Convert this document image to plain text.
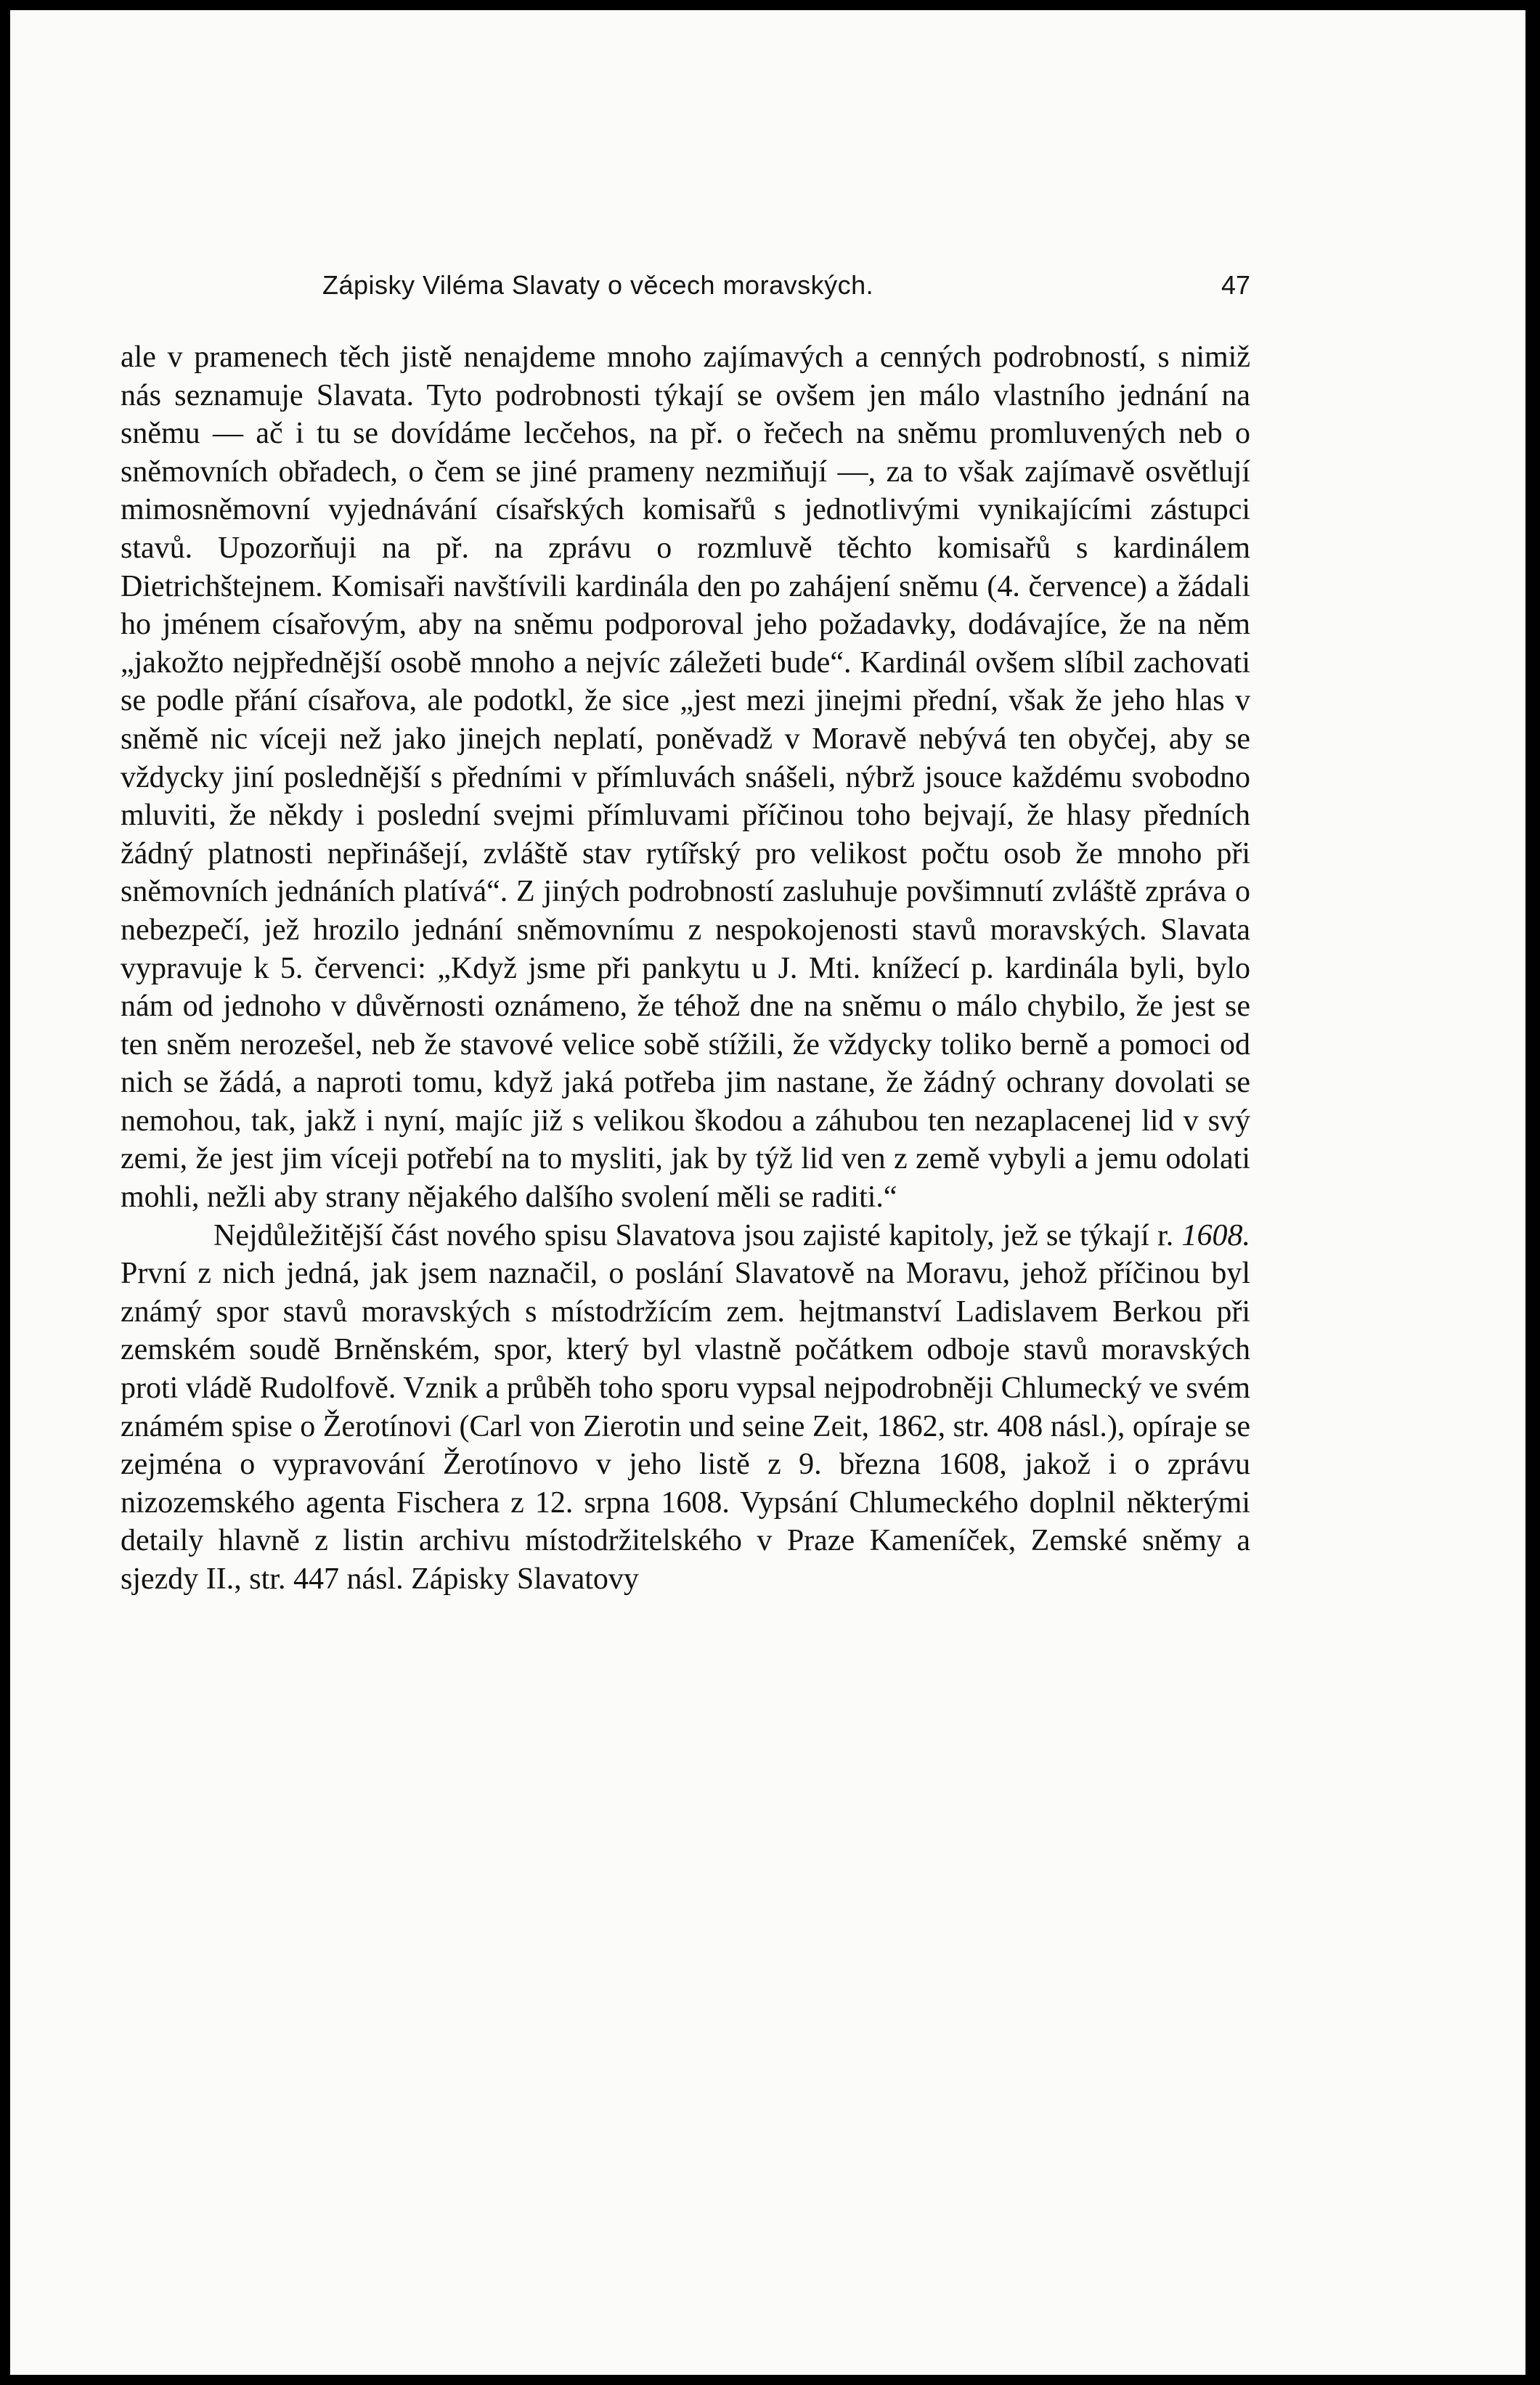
Zápisky Viléma Slavaty o věcech moravských.	47

ale v pramenech těch jistě nenajdeme mnoho zajímavých a cenných podrobností, s nimiž nás seznamuje Slavata. Tyto podrobnosti týkají se ovšem jen málo vlastního jednání na sněmu — ač i tu se dovídáme lecčehos, na př. o řečech na sněmu promluvených neb o sněmovních obřadech, o čem se jiné prameny nezmiňují —, za to však zajímavě osvětlují mimosněmovní vyjednávání císařských komisařů s jednotlivými vynikajícími zástupci stavů. Upozorňuji na př. na zprávu o rozmluvě těchto komisařů s kardinálem Dietrichštejnem. Komisaři navštívili kardinála den po zahájení sněmu (4. července) a žádali ho jménem císařovým, aby na sněmu podporoval jeho požadavky, dodávajíce, že na něm „jakožto nejpřednější osobě mnoho a nejvíc záležeti bude“. Kardinál ovšem slíbil zachovati se podle přání císařova, ale podotkl, že sice „jest mezi jinejmi přední, však že jeho hlas v sněmě nic víceji než jako jinejch neplatí, poněvadž v Moravě nebývá ten obyčej, aby se vždycky jiní poslednější s předními v přímluvách snášeli, nýbrž jsouce každému svobodno mluviti, že někdy i poslední svejmi přímluvami příčinou toho bejvají, že hlasy předních žádný platnosti nepřinášejí, zvláště stav rytířský pro velikost počtu osob že mnoho při sněmovních jednáních platívá“. Z jiných podrobností zasluhuje povšimnutí zvláště zpráva o nebezpečí, jež hrozilo jednání sněmovnímu z nespokojenosti stavů moravských. Slavata vypravuje k 5. červenci: „Když jsme při pankytu u J. Mti. knížecí p. kardinála byli, bylo nám od jednoho v důvěrnosti oznámeno, že téhož dne na sněmu o málo chybilo, že jest se ten sněm nerozešel, neb že stavové velice sobě stížili, že vždycky toliko berně a pomoci od nich se žádá, a naproti tomu, když jaká potřeba jim nastane, že žádný ochrany dovolati se nemohou, tak, jakž i nyní, majíc již s velikou škodou a záhubou ten nezaplacenej lid v svý zemi, že jest jim víceji potřebí na to mysliti, jak by týž lid ven z země vybyli a jemu odolati mohli, nežli aby strany nějakého dalšího svolení měli se raditi.“

Nejdůležitější část nového spisu Slavatova jsou zajisté kapitoly, jež se týkají r. 1608. První z nich jedná, jak jsem naznačil, o poslání Slavatově na Moravu, jehož příčinou byl známý spor stavů moravských s místodržícím zem. hejtmanství Ladislavem Berkou při zemském soudě Brněnském, spor, který byl vlastně počátkem odboje stavů moravských proti vládě Rudolfově. Vznik a průběh toho sporu vypsal nejpodrobněji Chlumecký ve svém známém spise o Žerotínovi (Carl von Zierotin und seine Zeit, 1862, str. 408 násl.), opíraje se zejména o vypravování Žerotínovo v jeho listě z 9. března 1608, jakož i o zprávu nizozemského agenta Fischera z 12. srpna 1608. Vypsání Chlumeckého doplnil některými detaily hlavně z listin archivu místodržitelského v Praze Kameníček, Zemské sněmy a sjezdy II., str. 447 násl. Zápisky Slavatovy
